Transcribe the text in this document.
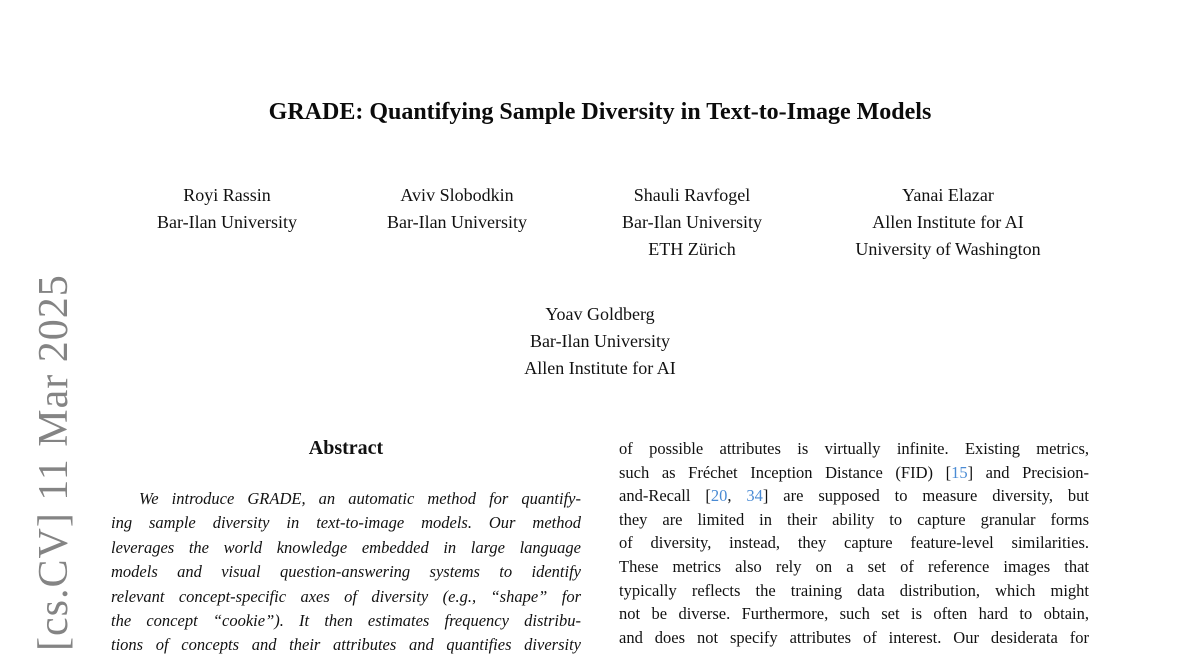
[cs.CV] 11 Mar 2025
GRADE: Quantifying Sample Diversity in Text-to-Image Models
Royi Rassin
Bar-Ilan University
Aviv Slobodkin
Bar-Ilan University
Shauli Ravfogel
Bar-Ilan University
ETH Zürich
Yanai Elazar
Allen Institute for AI
University of Washington
Yoav Goldberg
Bar-Ilan University
Allen Institute for AI
Abstract
We introduce GRADE, an automatic method for quantify-
ing sample diversity in text-to-image models. Our method
leverages the world knowledge embedded in large language
models and visual question-answering systems to identify
relevant concept-specific axes of diversity (e.g., “shape” for
the concept “cookie”). It then estimates frequency distribu-
tions of concepts and their attributes and quantifies diversity
of possible attributes is virtually infinite. Existing metrics,
such as Fréchet Inception Distance (FID) [15] and Precision-
and-Recall [20, 34] are supposed to measure diversity, but
they are limited in their ability to capture granular forms
of diversity, instead, they capture feature-level similarities.
These metrics also rely on a set of reference images that
typically reflects the training data distribution, which might
not be diverse. Furthermore, such set is often hard to obtain,
and does not specify attributes of interest. Our desiderata for
